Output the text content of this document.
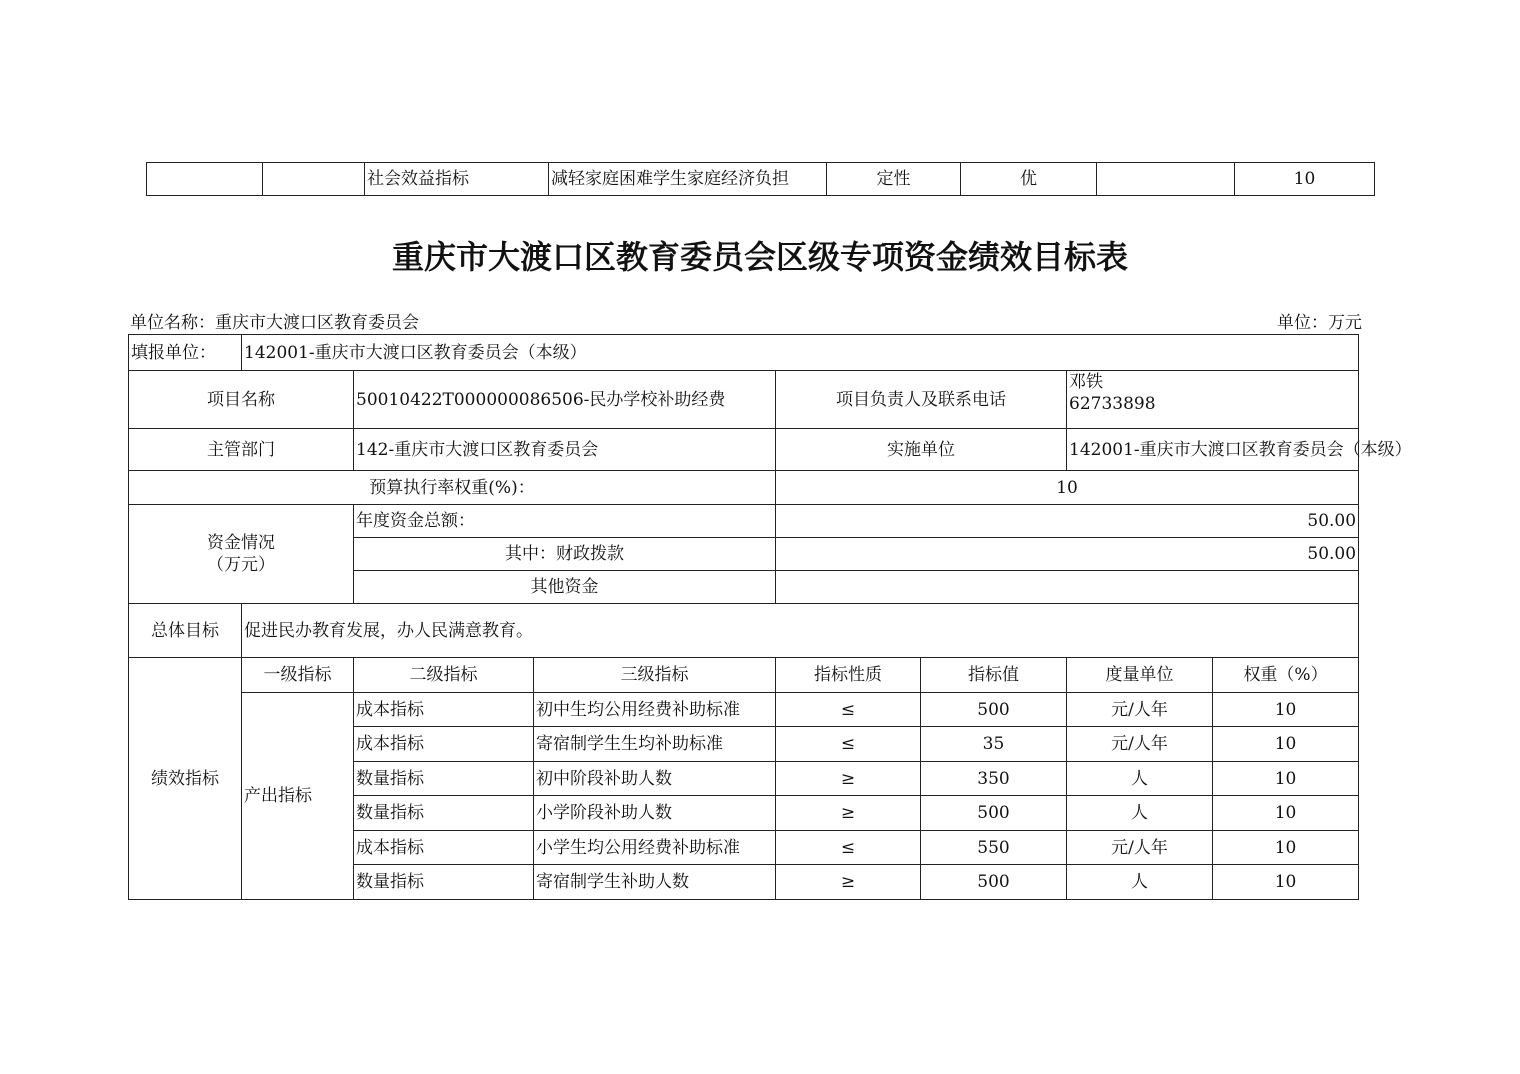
		社会效益指标	减轻家庭困难学生家庭经济负担	定性	优		10
重庆市大渡口区教育委员会区级专项资金绩效目标表
单位名称：重庆市大渡口区教育委员会	单位：万元
填报单位：	142001-重庆市大渡口区教育委员会（本级）						
项目名称		50010422T000000086506-民办学校补助经费		项目负责人及联系电话		邓铁
62733898	

主管部门		142-重庆市大渡口区教育委员会		实施单位		142001-重庆市大渡口区教育委员会（本级）	
预算执行率权重(%)：				10			

资金情况
（万元）		年度资金总额：		50.00			
		其中：财政拨款		50.00			
		其他资金					
总体目标	促进民办教育发展，办人民满意教育。						
绩效指标	一级指标	二级指标	三级指标	指标性质	指标值	度量单位	权重（%）
	产出指标	成本指标	初中生均公用经费补助标准	≤	500	元/人年	10
		成本指标	寄宿制学生生均补助标准	≤	35	元/人年	10
		数量指标	初中阶段补助人数	≥	350	人	10
		数量指标	小学阶段补助人数	≥	500	人	10
		成本指标	小学生均公用经费补助标准	≤	550	元/人年	10
		数量指标	寄宿制学生补助人数	≥	500	人	10
